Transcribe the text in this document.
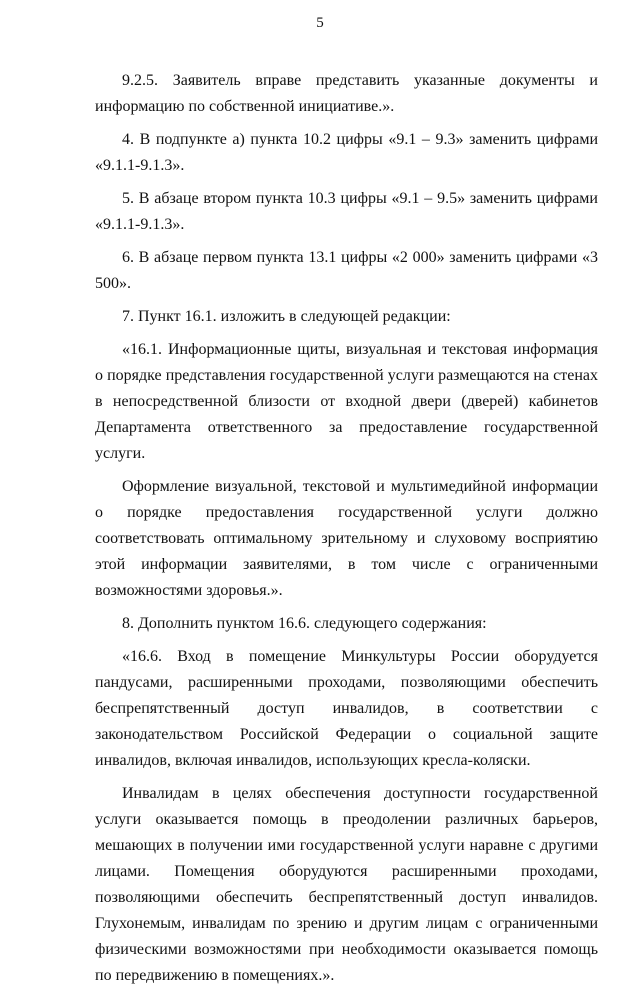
5

9.2.5. Заявитель вправе представить указанные документы и информацию по собственной инициативе.».

4. В подпункте а) пункта 10.2 цифры «9.1 – 9.3» заменить цифрами «9.1.1-9.1.3».

5. В абзаце втором пункта 10.3 цифры «9.1 – 9.5» заменить цифрами «9.1.1-9.1.3».

6. В абзаце первом пункта 13.1 цифры «2 000» заменить цифрами «3 500».

7. Пункт 16.1. изложить в следующей редакции:

«16.1. Информационные щиты, визуальная и текстовая информация о порядке представления государственной услуги размещаются на стенах в непосредственной близости от входной двери (дверей) кабинетов Департамента ответственного за предоставление государственной услуги.

Оформление визуальной, текстовой и мультимедийной информации о порядке предоставления государственной услуги должно соответствовать оптимальному зрительному и слуховому восприятию этой информации заявителями, в том числе с ограниченными возможностями здоровья.».

8. Дополнить пунктом 16.6. следующего содержания:

«16.6. Вход в помещение Минкультуры России оборудуется пандусами, расширенными проходами, позволяющими обеспечить беспрепятственный доступ инвалидов, в соответствии с законодательством Российской Федерации о социальной защите инвалидов, включая инвалидов, использующих кресла-коляски.

Инвалидам в целях обеспечения доступности государственной услуги оказывается помощь в преодолении различных барьеров, мешающих в получении ими государственной услуги наравне с другими лицами. Помещения оборудуются расширенными проходами, позволяющими обеспечить беспрепятственный доступ инвалидов. Глухонемым, инвалидам по зрению и другим лицам с ограниченными физическими возможностями при необходимости оказывается помощь по передвижению в помещениях.».
